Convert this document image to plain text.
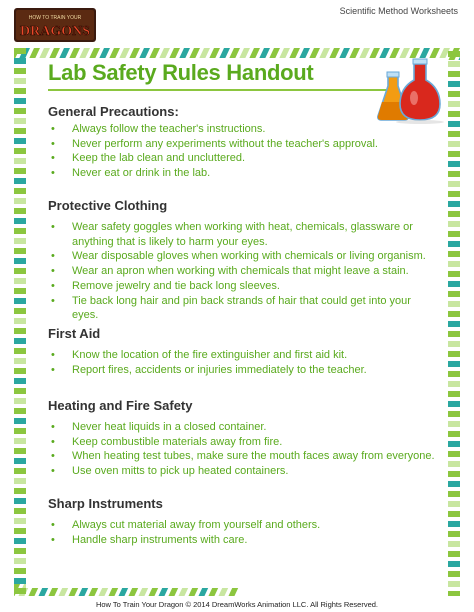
Scientific Method Worksheets
HOW TO TRAIN YOUR
DRAGONS
Lab Safety Rules Handout
General Precautions:
• Always follow the teacher's instructions.
• Never perform any experiments without the teacher's approval.
• Keep the lab clean and uncluttered.
• Never eat or drink in the lab.
Protective Clothing
• Wear safety goggles when working with heat, chemicals, glassware or anything that is likely to harm your eyes.
• Wear disposable gloves when working with chemicals or living organism.
• Wear an apron when working with chemicals that might leave a stain.
• Remove jewelry and tie back long sleeves.
• Tie back long hair and pin back strands of hair that could get into your eyes.
First Aid
• Know the location of the fire extinguisher and first aid kit.
• Report fires, accidents or injuries immediately to the teacher.
Heating and Fire Safety
• Never heat liquids in a closed container.
• Keep combustible materials away from fire.
• When heating test tubes, make sure the mouth faces away from everyone.
• Use oven mitts to pick up heated containers.
Sharp Instruments
• Always cut material away from yourself and others.
• Handle sharp instruments with care.
How To Train Your Dragon © 2014 DreamWorks Animation LLC. All Rights Reserved.
